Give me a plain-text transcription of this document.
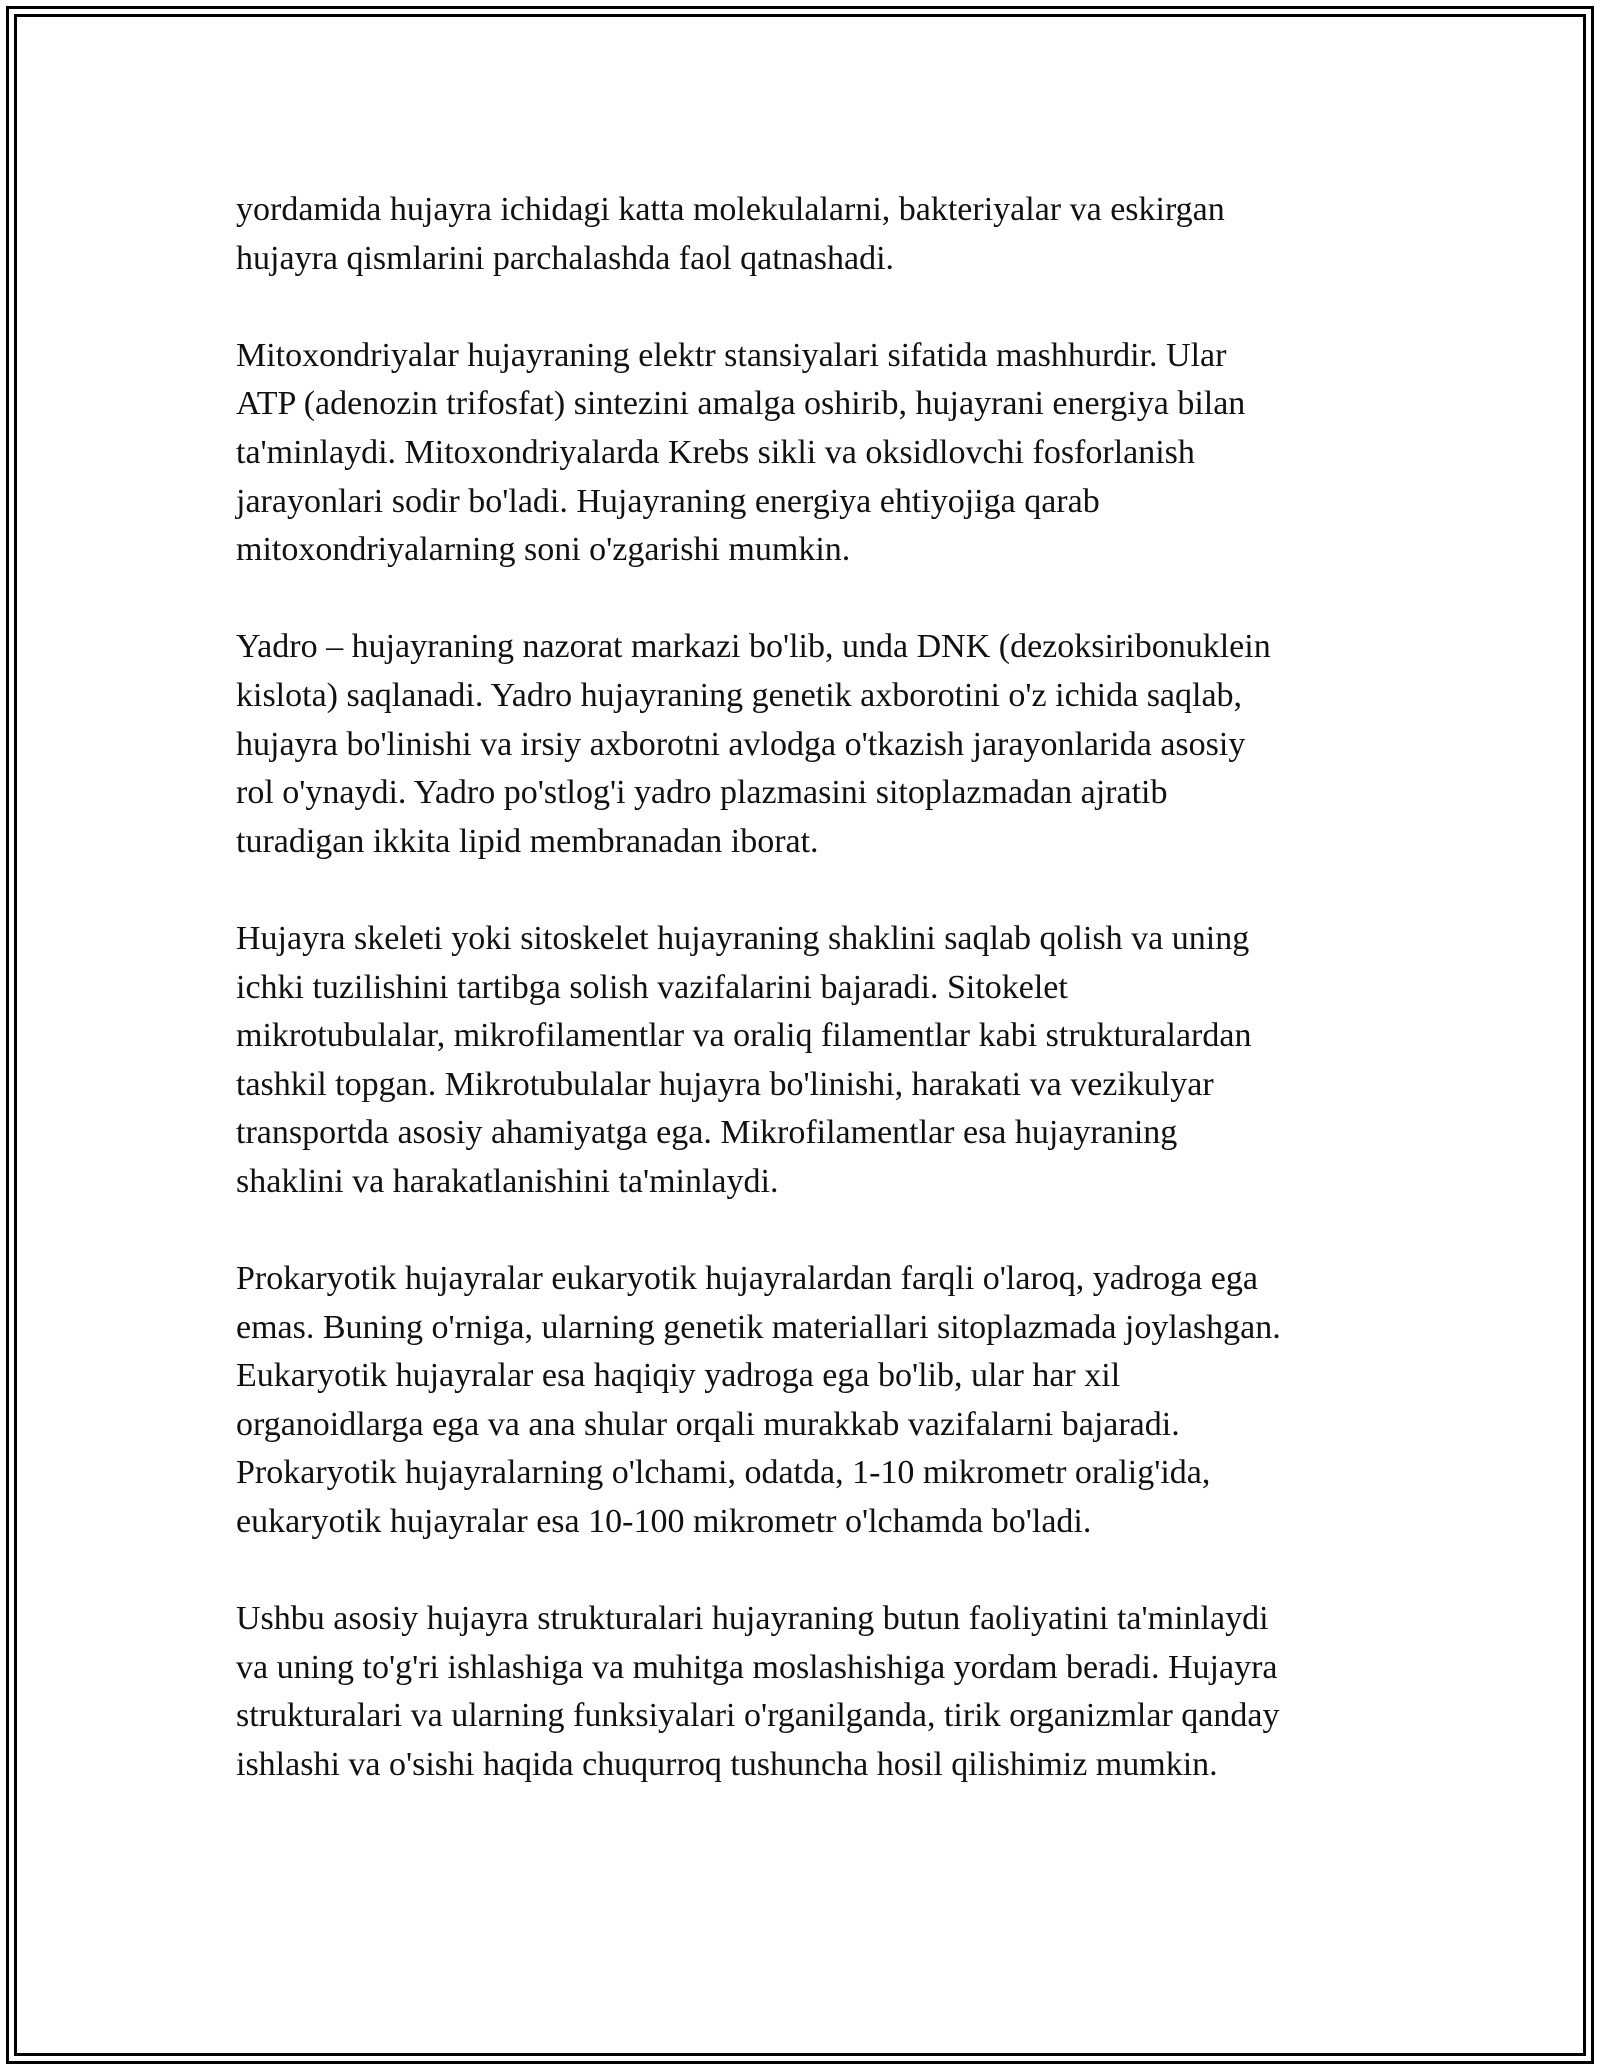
yordamida hujayra ichidagi katta molekulalarni, bakteriyalar va eskirgan
hujayra qismlarini parchalashda faol qatnashadi.

Mitoxondriyalar hujayraning elektr stansiyalari sifatida mashhurdir. Ular
ATP (adenozin trifosfat) sintezini amalga oshirib, hujayrani energiya bilan
ta'minlaydi. Mitoxondriyalarda Krebs sikli va oksidlovchi fosforlanish
jarayonlari sodir bo'ladi. Hujayraning energiya ehtiyojiga qarab
mitoxondriyalarning soni o'zgarishi mumkin.

Yadro – hujayraning nazorat markazi bo'lib, unda DNK (dezoksiribonuklein
kislota) saqlanadi. Yadro hujayraning genetik axborotini o'z ichida saqlab,
hujayra bo'linishi va irsiy axborotni avlodga o'tkazish jarayonlarida asosiy
rol o'ynaydi. Yadro po'stlog'i yadro plazmasini sitoplazmadan ajratib
turadigan ikkita lipid membranadan iborat.

Hujayra skeleti yoki sitoskelet hujayraning shaklini saqlab qolish va uning
ichki tuzilishini tartibga solish vazifalarini bajaradi. Sitokelet
mikrotubulalar, mikrofilamentlar va oraliq filamentlar kabi strukturalardan
tashkil topgan. Mikrotubulalar hujayra bo'linishi, harakati va vezikulyar
transportda asosiy ahamiyatga ega. Mikrofilamentlar esa hujayraning
shaklini va harakatlanishini ta'minlaydi.

Prokaryotik hujayralar eukaryotik hujayralardan farqli o'laroq, yadroga ega
emas. Buning o'rniga, ularning genetik materiallari sitoplazmada joylashgan.
Eukaryotik hujayralar esa haqiqiy yadroga ega bo'lib, ular har xil
organoidlarga ega va ana shular orqali murakkab vazifalarni bajaradi.
Prokaryotik hujayralarning o'lchami, odatda, 1-10 mikrometr oralig'ida,
eukaryotik hujayralar esa 10-100 mikrometr o'lchamda bo'ladi.

Ushbu asosiy hujayra strukturalari hujayraning butun faoliyatini ta'minlaydi
va uning to'g'ri ishlashiga va muhitga moslashishiga yordam beradi. Hujayra
strukturalari va ularning funksiyalari o'rganilganda, tirik organizmlar qanday
ishlashi va o'sishi haqida chuqurroq tushuncha hosil qilishimiz mumkin.
